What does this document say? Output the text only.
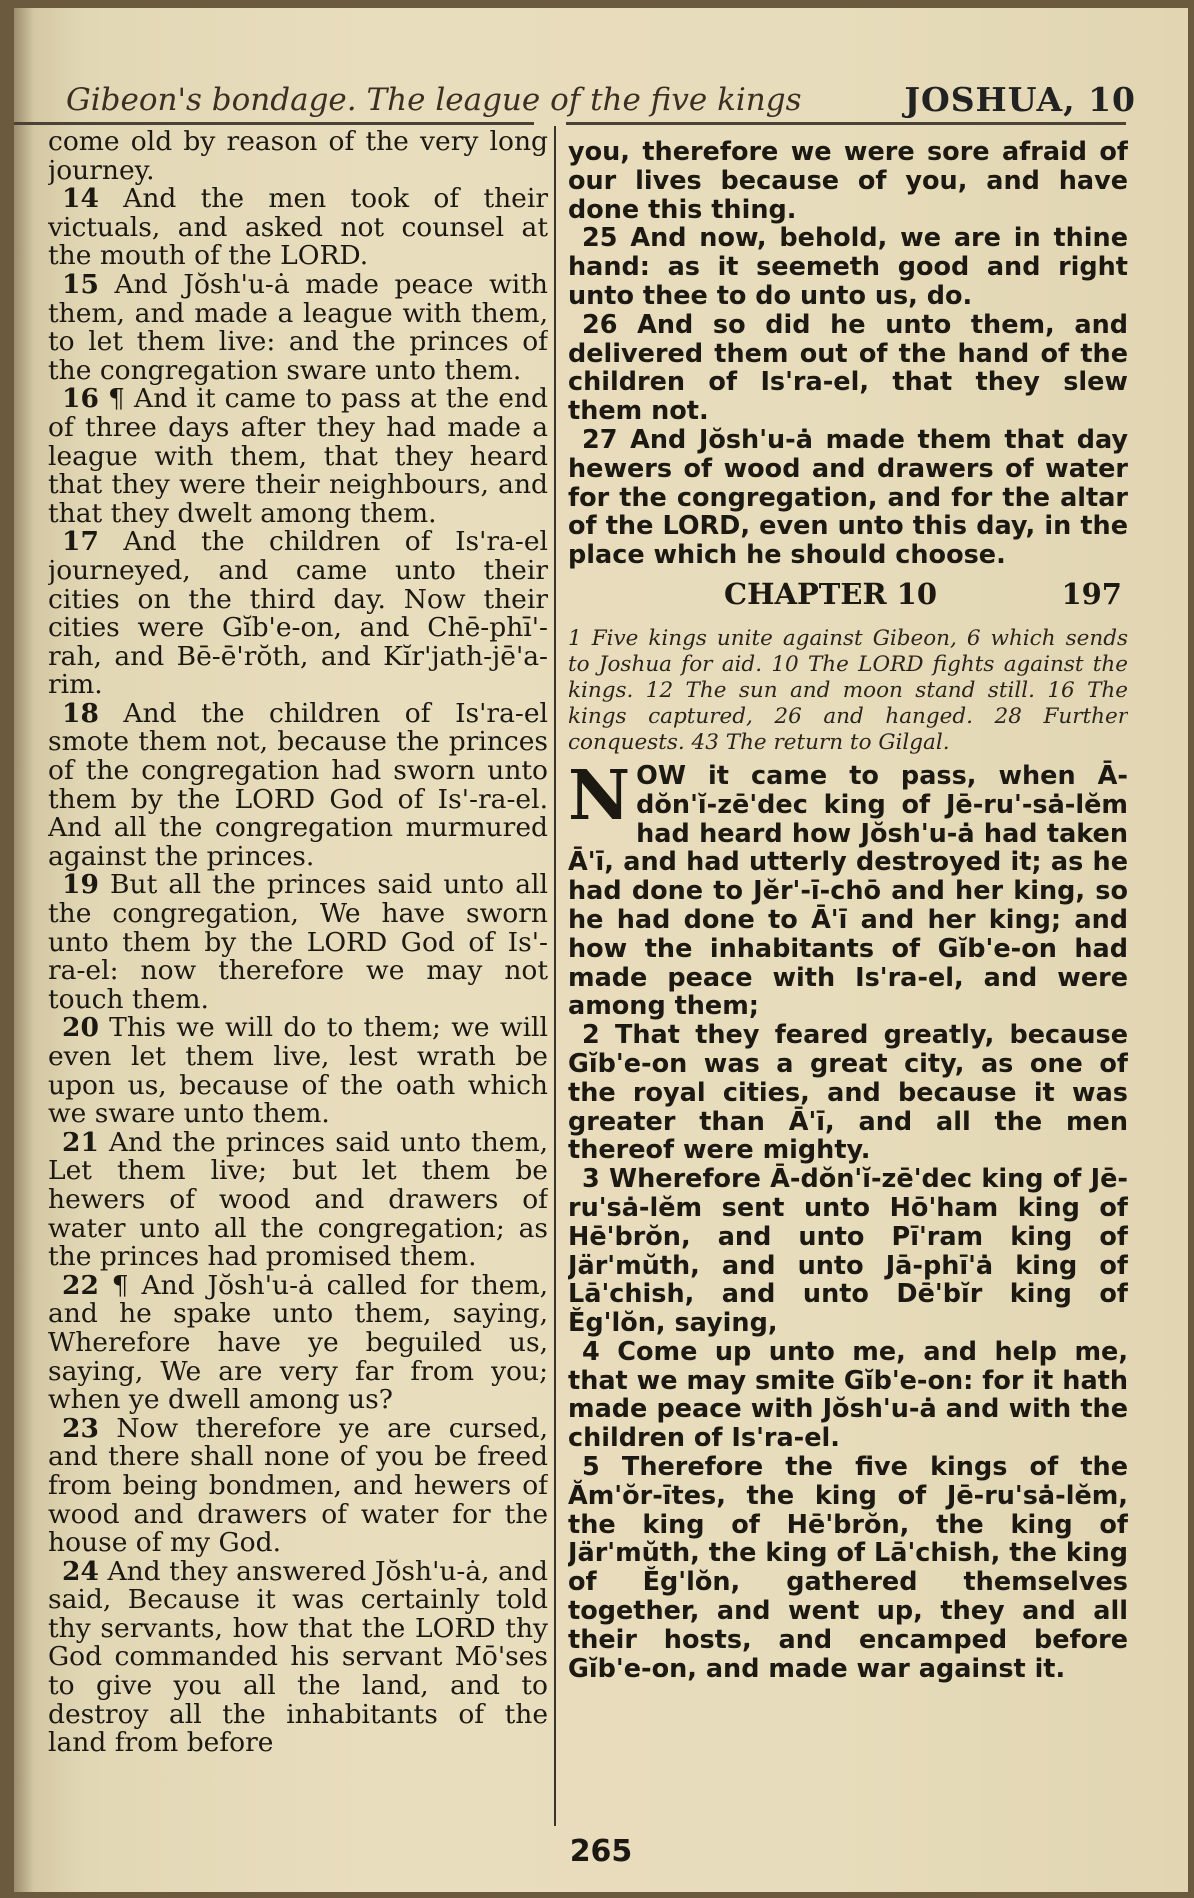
Gibeon's bondage. The league of the five kings	JOSHUA, 10

come old by reason of the very long journey.

14 And the men took of their victuals, and asked not counsel at the mouth of the LORD.

15 And Jŏsh'u-ȧ made peace with them, and made a league with them, to let them live: and the princes of the congregation sware unto them.

16 ¶ And it came to pass at the end of three days after they had made a league with them, that they heard that they were their neighbours, and that they dwelt among them.

17 And the children of Is'ra-el journeyed, and came unto their cities on the third day. Now their cities were Gĭb'e-on, and Chē-phī'-rah, and Bē-ē'rŏth, and Kĭr'jath-jē'a-rim.

18 And the children of Is'ra-el smote them not, because the princes of the congregation had sworn unto them by the LORD God of Is'-ra-el. And all the congregation murmured against the princes.

19 But all the princes said unto all the congregation, We have sworn unto them by the LORD God of Is'-ra-el: now therefore we may not touch them.

20 This we will do to them; we will even let them live, lest wrath be upon us, because of the oath which we sware unto them.

21 And the princes said unto them, Let them live; but let them be hewers of wood and drawers of water unto all the congregation; as the princes had promised them.

22 ¶ And Jŏsh'u-ȧ called for them, and he spake unto them, saying, Wherefore have ye beguiled us, saying, We are very far from you; when ye dwell among us?

23 Now therefore ye are cursed, and there shall none of you be freed from being bondmen, and hewers of wood and drawers of water for the house of my God.

24 And they answered Jŏsh'u-ȧ, and said, Because it was certainly told thy servants, how that the LORD thy God commanded his servant Mō'ses to give you all the land, and to destroy all the inhabitants of the land from before

you, therefore we were sore afraid of our lives because of you, and have done this thing.

25 And now, behold, we are in thine hand: as it seemeth good and right unto thee to do unto us, do.

26 And so did he unto them, and delivered them out of the hand of the children of Is'ra-el, that they slew them not.

27 And Jŏsh'u-ȧ made them that day hewers of wood and drawers of water for the congregation, and for the altar of the LORD, even unto this day, in the place which he should choose.

CHAPTER 10	197

1 Five kings unite against Gibeon, 6 which sends to Joshua for aid. 10 The LORD fights against the kings. 12 The sun and moon stand still. 16 The kings captured, 26 and hanged. 28 Further conquests. 43 The return to Gilgal.

NOW it came to pass, when Ā-dŏn'ĭ-zē'dec king of Jē-ru'-sȧ-lĕm had heard how Jŏsh'u-ȧ had taken Ā'ī, and had utterly destroyed it; as he had done to Jĕr'-ī-chō and her king, so he had done to Ā'ī and her king; and how the inhabitants of Gĭb'e-on had made peace with Is'ra-el, and were among them;

2 That they feared greatly, because Gĭb'e-on was a great city, as one of the royal cities, and because it was greater than Ā'ī, and all the men thereof were mighty.

3 Wherefore Ā-dŏn'ĭ-zē'dec king of Jē-ru'sȧ-lĕm sent unto Hō'ham king of Hē'brŏn, and unto Pī'ram king of Jär'mŭth, and unto Jā-phī'ȧ king of Lā'chish, and unto Dē'bĭr king of Ĕg'lŏn, saying,

4 Come up unto me, and help me, that we may smite Gĭb'e-on: for it hath made peace with Jŏsh'u-ȧ and with the children of Is'ra-el.

5 Therefore the five kings of the Ăm'ŏr-ītes, the king of Jē-ru'sȧ-lĕm, the king of Hē'brŏn, the king of Jär'mŭth, the king of Lā'chish, the king of Ĕg'lŏn, gathered themselves together, and went up, they and all their hosts, and encamped before Gĭb'e-on, and made war against it.

265
